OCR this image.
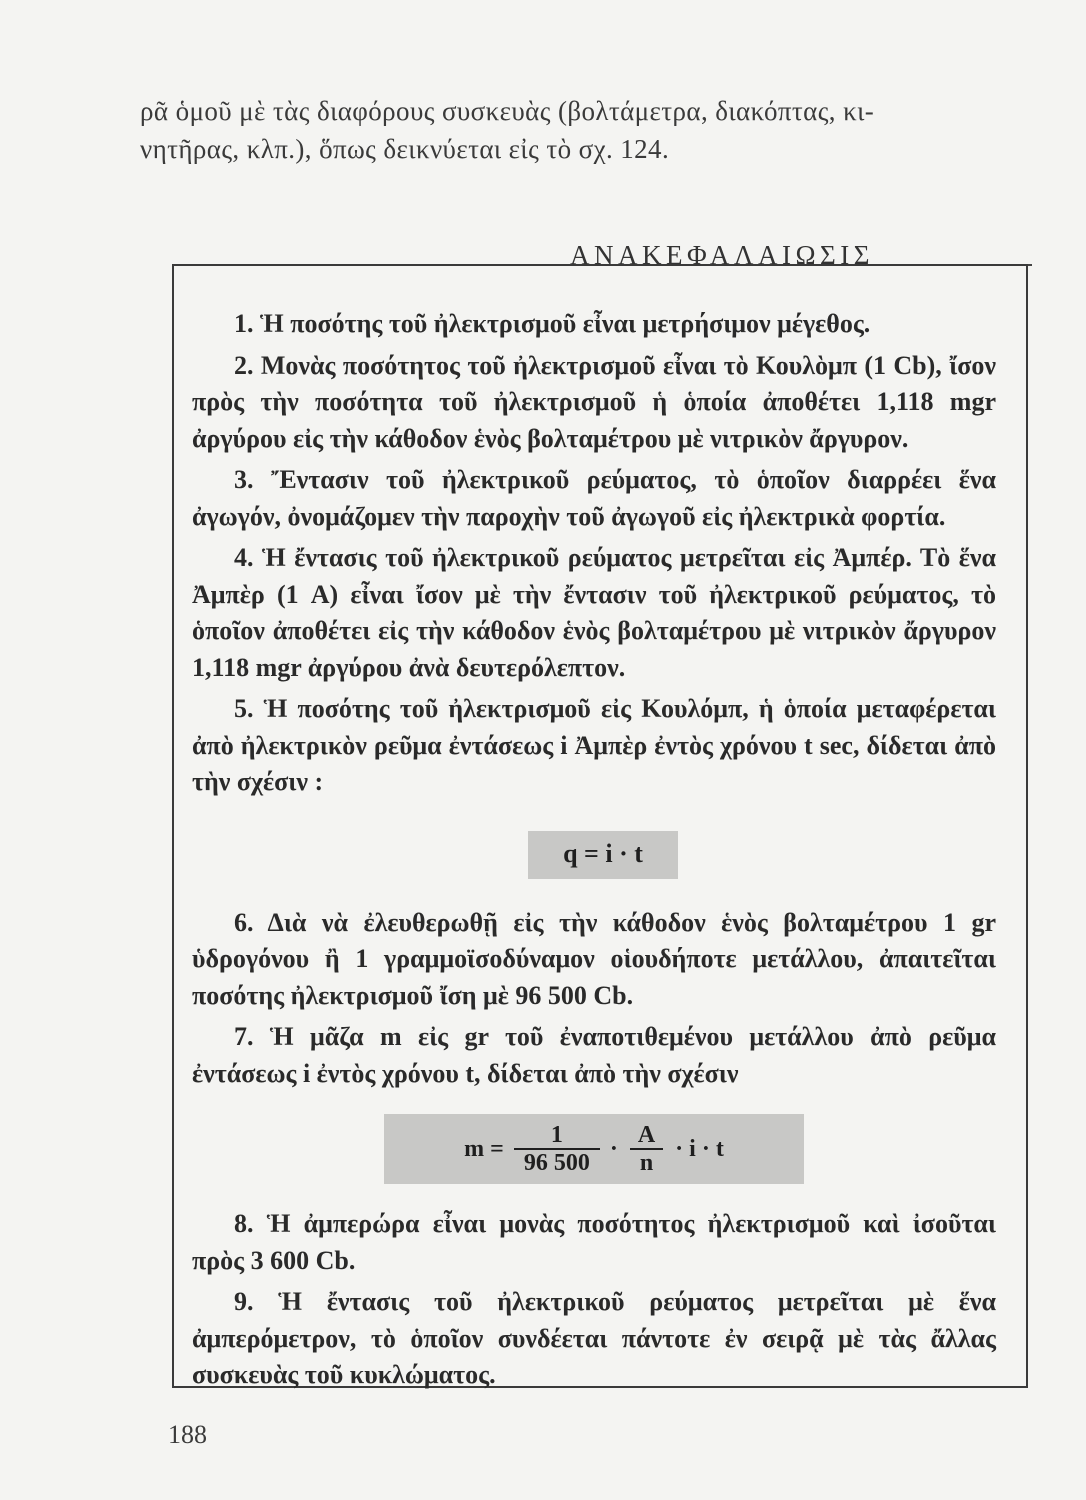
ρᾶ ὁμοῦ μὲ τὰς διαφόρους συσκευὰς (βολτάμετρα, διακόπτας, κι-
νητῆρας, κλπ.), ὅπως δεικνύεται εἰς τὸ σχ. 124.
ΑΝΑΚΕΦΑΛΑΙΩΣΙΣ

1. Ἡ ποσότης τοῦ ἠλεκτρισμοῦ εἶναι μετρήσιμον μέγεθος.

2. Μονὰς ποσότητος τοῦ ἠλεκτρισμοῦ εἶναι τὸ Κουλὸμπ (1 Cb), ἴσον πρὸς τὴν ποσότητα τοῦ ἠλεκτρισμοῦ ἡ ὁποία ἀποθέτει 1,118 mgr ἀργύρου εἰς τὴν κάθοδον ἑνὸς βολταμέτρου μὲ νιτρικὸν ἄργυρον.

3. Ἔντασιν τοῦ ἠλεκτρικοῦ ρεύματος, τὸ ὁποῖον διαρρέει ἕνα ἀγωγόν, ὀνομάζομεν τὴν παροχὴν τοῦ ἀγωγοῦ εἰς ἠλεκτρικὰ φορτία.

4. Ἡ ἔντασις τοῦ ἠλεκτρικοῦ ρεύματος μετρεῖται εἰς Ἀμπέρ. Τὸ ἕνα Ἀμπὲρ (1 A) εἶναι ἴσον μὲ τὴν ἔντασιν τοῦ ἠλεκτρικοῦ ρεύματος, τὸ ὁποῖον ἀποθέτει εἰς τὴν κάθοδον ἑνὸς βολταμέτρου μὲ νιτρικὸν ἄργυρον 1,118 mgr ἀργύρου ἀνὰ δευτερόλεπτον.

5. Ἡ ποσότης τοῦ ἠλεκτρισμοῦ εἰς Κουλόμπ, ἡ ὁποία μεταφέρεται ἀπὸ ἠλεκτρικὸν ρεῦμα ἐντάσεως i Ἀμπὲρ ἐντὸς χρόνου t sec, δίδεται ἀπὸ τὴν σχέσιν :

q = i · t

6. Διὰ νὰ ἐλευθερωθῇ εἰς τὴν κάθοδον ἑνὸς βολταμέτρου 1 gr ὑδρογόνου ἢ 1 γραμμοϊσοδύναμον οἱουδήποτε μετάλλου, ἀπαιτεῖται ποσότης ἠλεκτρισμοῦ ἴση μὲ 96 500 Cb.

7. Ἡ μᾶζα m εἰς gr τοῦ ἐναποτιθεμένου μετάλλου ἀπὸ ρεῦμα ἐντάσεως i ἐντὸς χρόνου t, δίδεται ἀπὸ τὴν σχέσιν

$m = \frac{1}{96 500} \cdot \frac{A}{n} \cdot i \cdot t$

8. Ἡ ἀμπερώρα εἶναι μονὰς ποσότητος ἠλεκτρισμοῦ καὶ ἰσοῦται πρὸς 3 600 Cb.

9. Ἡ ἔντασις τοῦ ἠλεκτρικοῦ ρεύματος μετρεῖται μὲ ἕνα ἀμπερόμετρον, τὸ ὁποῖον συνδέεται πάντοτε ἐν σειρᾷ μὲ τὰς ἄλλας συσκευὰς τοῦ κυκλώματος.

188
